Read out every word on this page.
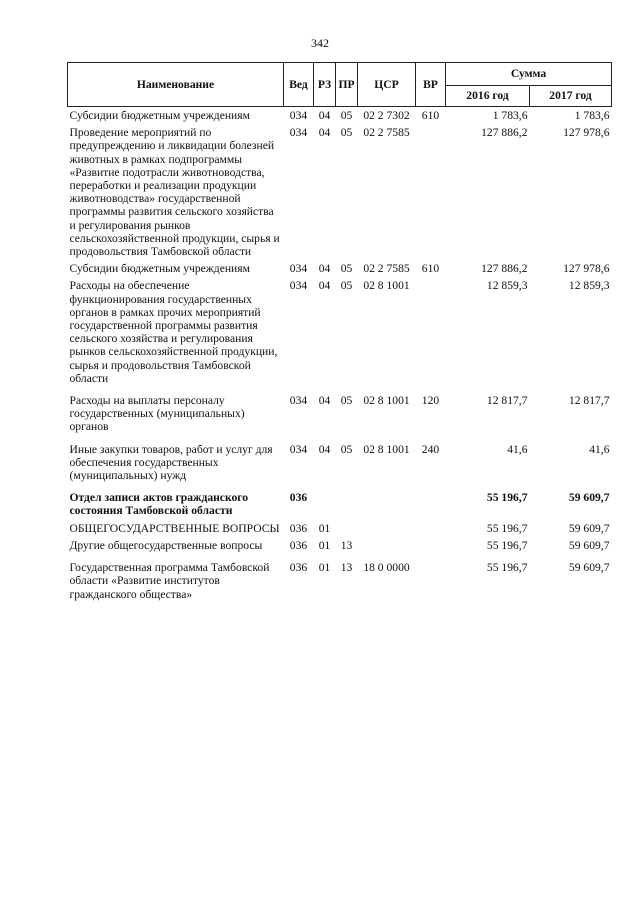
342
Наименование	Вед	РЗ	ПР	ЦСР	ВР	Сумма	
						2016 год	2017 год
Субсидии бюджетным учреждениям	034	04	05	02 2 7302	610	1 783,6	1 783,6
Проведение мероприятий по предупреждению и ликвидации болезней животных в рамках подпрограммы «Развитие подотрасли животноводства, переработки и реализации продукции животноводства» государственной программы развития сельского хозяйства и регулирования рынков сельскохозяйственной продукции, сырья и продовольствия Тамбовской области	034	04	05	02 2 7585		127 886,2	127 978,6
Субсидии бюджетным учреждениям	034	04	05	02 2 7585	610	127 886,2	127 978,6
Расходы на обеспечение функционирования государственных органов в рамках прочих мероприятий государственной программы развития сельского хозяйства и регулирования рынков сельскохозяйственной продукции, сырья и продовольствия Тамбовской области	034	04	05	02 8 1001		12 859,3	12 859,3
Расходы на выплаты персоналу государственных (муниципальных) органов	034	04	05	02 8 1001	120	12 817,7	12 817,7
Иные закупки товаров, работ и услуг для обеспечения государственных (муниципальных) нужд	034	04	05	02 8 1001	240	41,6	41,6
Отдел записи актов гражданского состояния Тамбовской области	036					55 196,7	59 609,7
ОБЩЕГОСУДАРСТВЕННЫЕ ВОПРОСЫ	036	01				55 196,7	59 609,7
Другие общегосударственные вопросы	036	01	13			55 196,7	59 609,7
Государственная программа Тамбовской области «Развитие институтов гражданского общества»	036	01	13	18 0 0000		55 196,7	59 609,7
